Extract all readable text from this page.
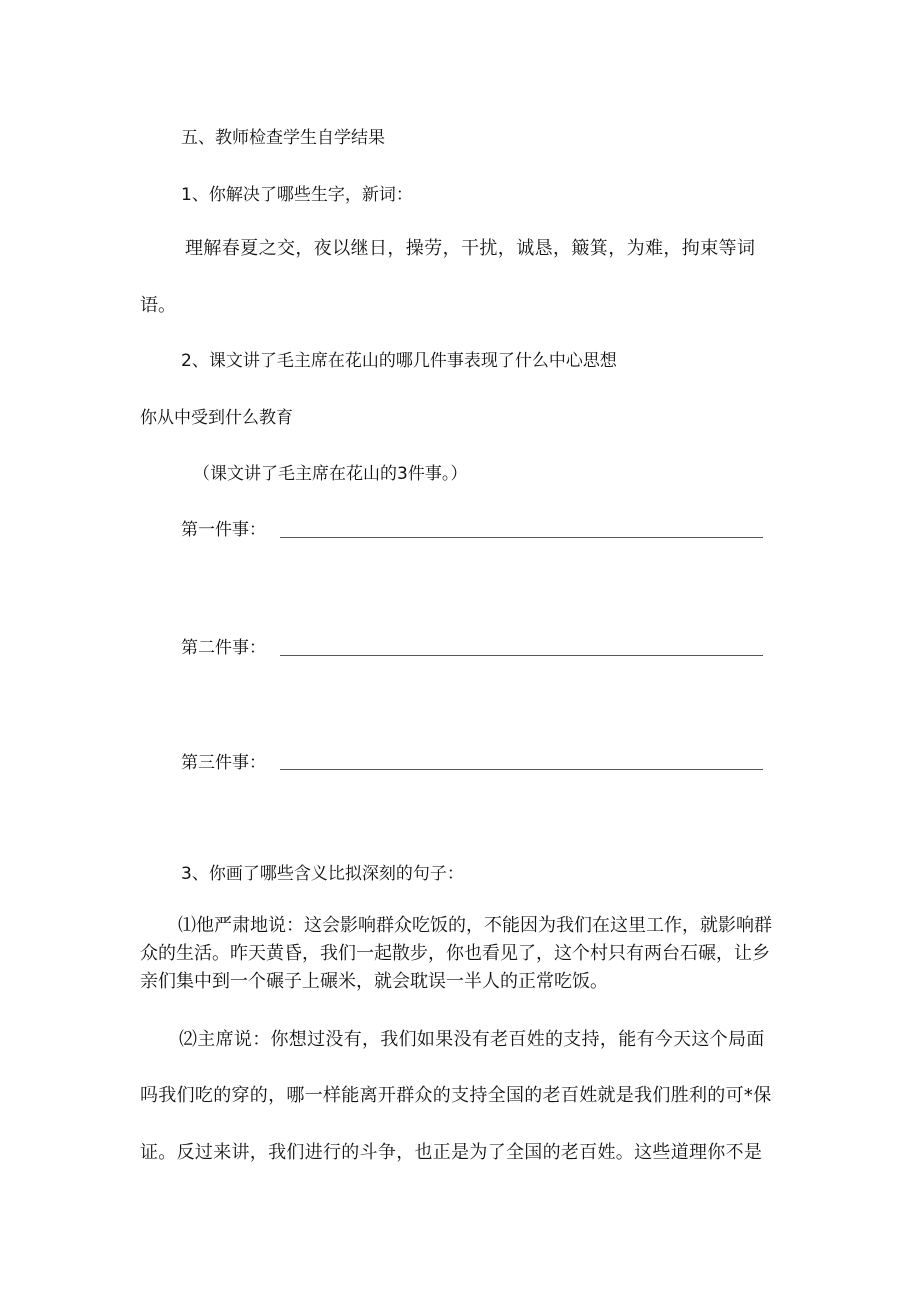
五、教师检查学生自学结果
1、你解决了哪些生字，新词：
理解春夏之交，夜以继日，操劳，干扰，诚恳，簸箕，为难，拘束等词
语。
2、课文讲了毛主席在花山的哪几件事表现了什么中心思想
你从中受到什么教育
（课文讲了毛主席在花山的3件事。）
第一件事：
第二件事：
第三件事：
3、你画了哪些含义比拟深刻的句子：
⑴他严肃地说：这会影响群众吃饭的，不能因为我们在这里工作，就影响群众的生活。昨天黄昏，我们一起散步，你也看见了，这个村只有两台石碾，让乡亲们集中到一个碾子上碾米，就会耽误一半人的正常吃饭。
⑵主席说：你想过没有，我们如果没有老百姓的支持，能有今天这个局面
吗我们吃的穿的，哪一样能离开群众的支持全国的老百姓就是我们胜利的可*保
证。反过来讲，我们进行的斗争，也正是为了全国的老百姓。这些道理你不是
